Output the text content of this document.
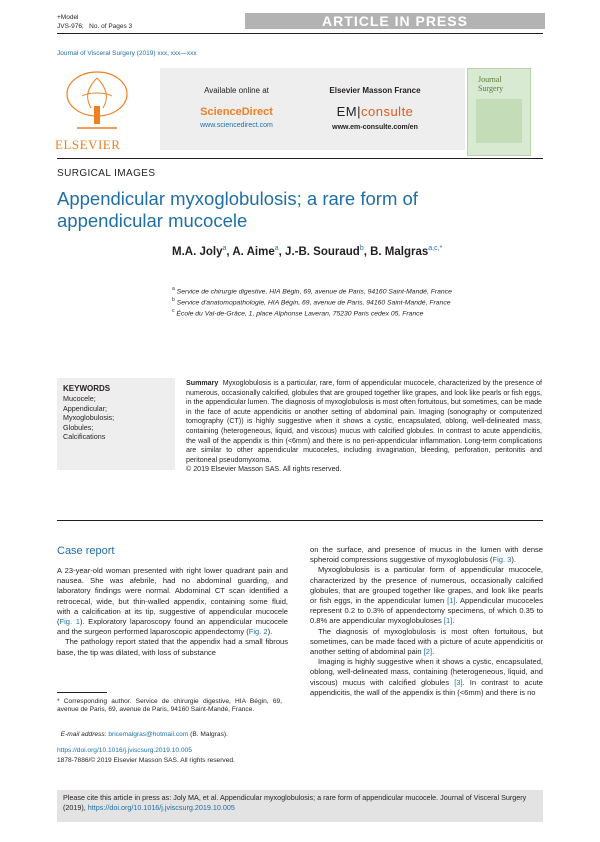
+Model
JVS-976; No. of Pages 3	ARTICLE IN PRESS
Journal of Visceral Surgery (2019) xxx, xxx—xxx
ELSEVIER
Available online at
ScienceDirect
www.sciencedirect.com
Elsevier Masson France
EM|consulte
www.em-consulte.com/en
Journal
Surgery
SURGICAL IMAGES
Appendicular myxoglobulosis; a rare form of appendicular mucocele
M.A. Joly$^a$, A. Aime$^a$, J.-B. Souraud$^b$, B. Malgras$^{a,c,*}$
$^a$ Service de chirurgie digestive, HIA Bégin, 69, avenue de Paris, 94160 Saint-Mandé, France
$^b$ Service d'anatomopathologie, HIA Bégin, 69, avenue de Paris, 94160 Saint-Mandé, France
$^c$ École du Val-de-Grâce, 1, place Alphonse Laveran, 75230 Paris cedex 05, France
KEYWORDS
Mucocele;
Appendicular;
Myxoglobulosis;
Globules;
Calcifications
Summary Myxoglobulosis is a particular, rare, form of appendicular mucocele, characterized by the presence of numerous, occasionally calcified, globules that are grouped together like grapes, and look like pearls or fish eggs, in the appendicular lumen. The diagnosis of myxoglobulosis is most often fortuitous, but sometimes, can be made in the face of acute appendicitis or another setting of abdominal pain. Imaging (sonography or computerized tomography (CT)) is highly suggestive when it shows a cystic, encapsulated, oblong, well-delineated mass, containing (heterogeneous, liquid, and viscous) mucus with calcified globules. In contrast to acute appendicitis, the wall of the appendix is thin (<6mm) and there is no peri-appendicular inflammation. Long-term complications are similar to other appendicular mucoceles, including invagination, bleeding, perforation, peritonitis and peritoneal pseudomyxoma.
© 2019 Elsevier Masson SAS. All rights reserved.
Case report

A 23-year-old woman presented with right lower quadrant pain and nausea. She was afebrile, had no abdominal guarding, and laboratory findings were normal. Abdominal CT scan identified a retrocecal, wide, but thin-walled appendix, containing some fluid, with a calcification at its tip, suggestive of appendicular mucocele (Fig. 1). Exploratory laparoscopy found an appendicular mucocele and the surgeon performed laparoscopic appendectomy (Fig. 2).

The pathology report stated that the appendix had a small fibrous base, the tip was dilated, with loss of substance

on the surface, and presence of mucus in the lumen with dense spheroid compressions suggestive of myxoglobulosis (Fig. 3).

Myxoglobulosis is a particular form of appendicular mucocele, characterized by the presence of numerous, occasionally calcified globules, that are grouped together like grapes, and look like pearls or fish eggs, in the appendicular lumen [1]. Appendicular mucoceles represent 0.2 to 0.3% of appendectomy specimens, of which 0.35 to 0.8% are appendicular myxoglobuloses [1].

The diagnosis of myxoglobulosis is most often fortuitous, but sometimes, can be made faced with a picture of acute appendicitis or another setting of abdominal pain [2].

Imaging is highly suggestive when it shows a cystic, encapsulated, oblong, well-delineated mass, containing (heterogeneous, liquid, and viscous) mucus with calcified globules [3]. In contrast to acute appendicitis, the wall of the appendix is thin (<6mm) and there is no

* Corresponding author. Service de chirurgie digestive, HIA Bégin, 69, avenue de Paris, 69, avenue de Paris, 94160 Saint-Mandé, France.
E-mail address: bricemalgras@hotmail.com (B. Malgras).
https://doi.org/10.1016/j.jviscsurg.2019.10.005
1878-7886/© 2019 Elsevier Masson SAS. All rights reserved.
Please cite this article in press as: Joly MA, et al. Appendicular myxoglobulosis; a rare form of appendicular mucocele. Journal of Visceral Surgery (2019), https://doi.org/10.1016/j.jviscsurg.2019.10.005
